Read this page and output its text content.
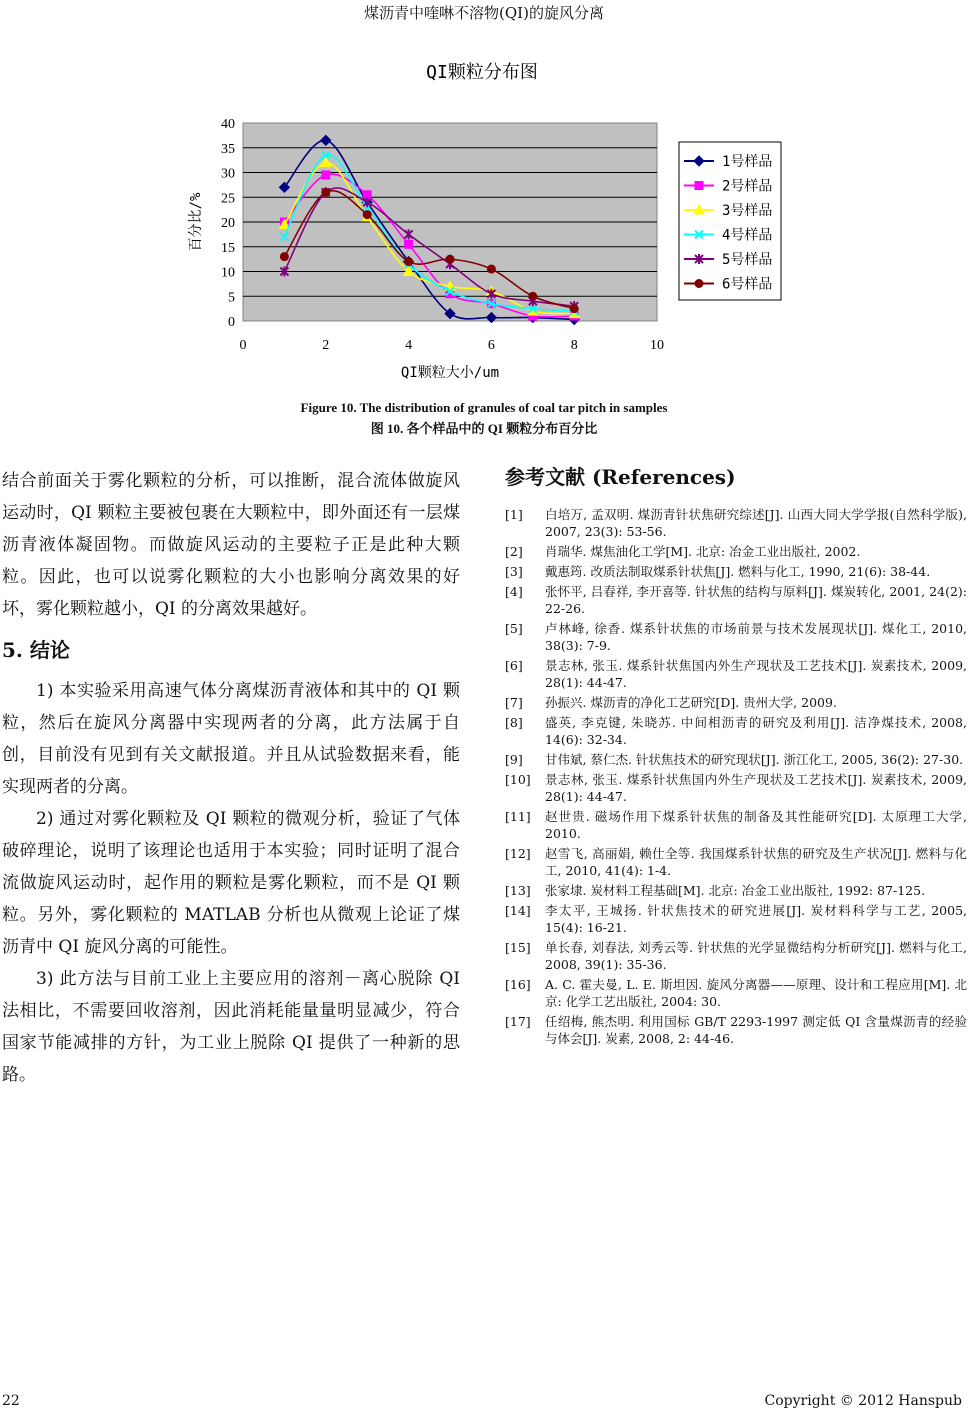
煤沥青中喹啉不溶物(QI)的旋风分离
QI颗粒分布图
0
5
10
15
20
25
30
35
40
0	2	4	6	8	10
百分比/%
QI颗粒大小/um
1号样品
2号样品
3号样品
4号样品
5号样品
6号样品
Figure 10. The distribution of granules of coal tar pitch in samples
图 10. 各个样品中的 QI 颗粒分布百分比

结合前面关于雾化颗粒的分析，可以推断，混合流体做旋风运动时，QI 颗粒主要被包裹在大颗粒中，即外面还有一层煤沥青液体凝固物。而做旋风运动的主要粒子正是此种大颗粒。因此，也可以说雾化颗粒的大小也影响分离效果的好坏，雾化颗粒越小，QI 的分离效果越好。

5. 结论

1) 本实验采用高速气体分离煤沥青液体和其中的 QI 颗粒，然后在旋风分离器中实现两者的分离，此方法属于自创，目前没有见到有关文献报道。并且从试验数据来看，能实现两者的分离。

2) 通过对雾化颗粒及 QI 颗粒的微观分析，验证了气体破碎理论，说明了该理论也适用于本实验；同时证明了混合流做旋风运动时，起作用的颗粒是雾化颗粒，而不是 QI 颗粒。另外，雾化颗粒的 MATLAB 分析也从微观上论证了煤沥青中 QI 旋风分离的可能性。

3) 此方法与目前工业上主要应用的溶剂－离心脱除 QI 法相比，不需要回收溶剂，因此消耗能量量明显减少，符合国家节能减排的方针，为工业上脱除 QI 提供了一种新的思路。

参考文献 (References)
[1]	白培万, 孟双明. 煤沥青针状焦研究综述[J]. 山西大同大学学报(自然科学版), 2007, 23(3): 53-56.
[2]	肖瑞华. 煤焦油化工学[M]. 北京: 冶金工业出版社, 2002.
[3]	戴惠筠. 改质法制取煤系针状焦[J]. 燃料与化工, 1990, 21(6): 38-44.
[4]	张怀平, 吕春祥, 李开喜等. 针状焦的结构与原料[J]. 煤炭转化, 2001, 24(2): 22-26.
[5]	卢林峰, 徐香. 煤系针状焦的市场前景与技术发展现状[J]. 煤化工, 2010, 38(3): 7-9.
[6]	景志林, 张玉. 煤系针状焦国内外生产现状及工艺技术[J]. 炭素技术, 2009, 28(1): 44-47.
[7]	孙振兴. 煤沥青的净化工艺研究[D]. 贵州大学, 2009.
[8]	盛英, 李克键, 朱晓苏. 中间相沥青的研究及利用[J]. 洁净煤技术, 2008, 14(6): 32-34.
[9]	甘伟斌, 蔡仁杰. 针状焦技术的研究现状[J]. 浙江化工, 2005, 36(2): 27-30.
[10]	景志林, 张玉. 煤系针状焦国内外生产现状及工艺技术[J]. 炭素技术, 2009, 28(1): 44-47.
[11]	赵世贵. 磁场作用下煤系针状焦的制备及其性能研究[D]. 太原理工大学, 2010.
[12]	赵雪飞, 高丽娟, 赖仕全等. 我国煤系针状焦的研究及生产状况[J]. 燃料与化工, 2010, 41(4): 1-4.
[13]	张家埭. 炭材料工程基础[M]. 北京: 冶金工业出版社, 1992: 87-125.
[14]	李太平, 王城扬. 针状焦技术的研究进展[J]. 炭材料科学与工艺, 2005, 15(4): 16-21.
[15]	单长春, 刘春法, 刘秀云等. 针状焦的光学显微结构分析研究[J]. 燃料与化工, 2008, 39(1): 35-36.
[16]	A. C. 霍夫曼, L. E. 斯坦因. 旋风分离器——原理、设计和工程应用[M]. 北京: 化学工艺出版社, 2004: 30.
[17]	任绍梅, 熊杰明. 利用国标 GB/T 2293-1997 测定低 QI 含量煤沥青的经验与体会[J]. 炭素, 2008, 2: 44-46.
22	Copyright © 2012 Hanspub
